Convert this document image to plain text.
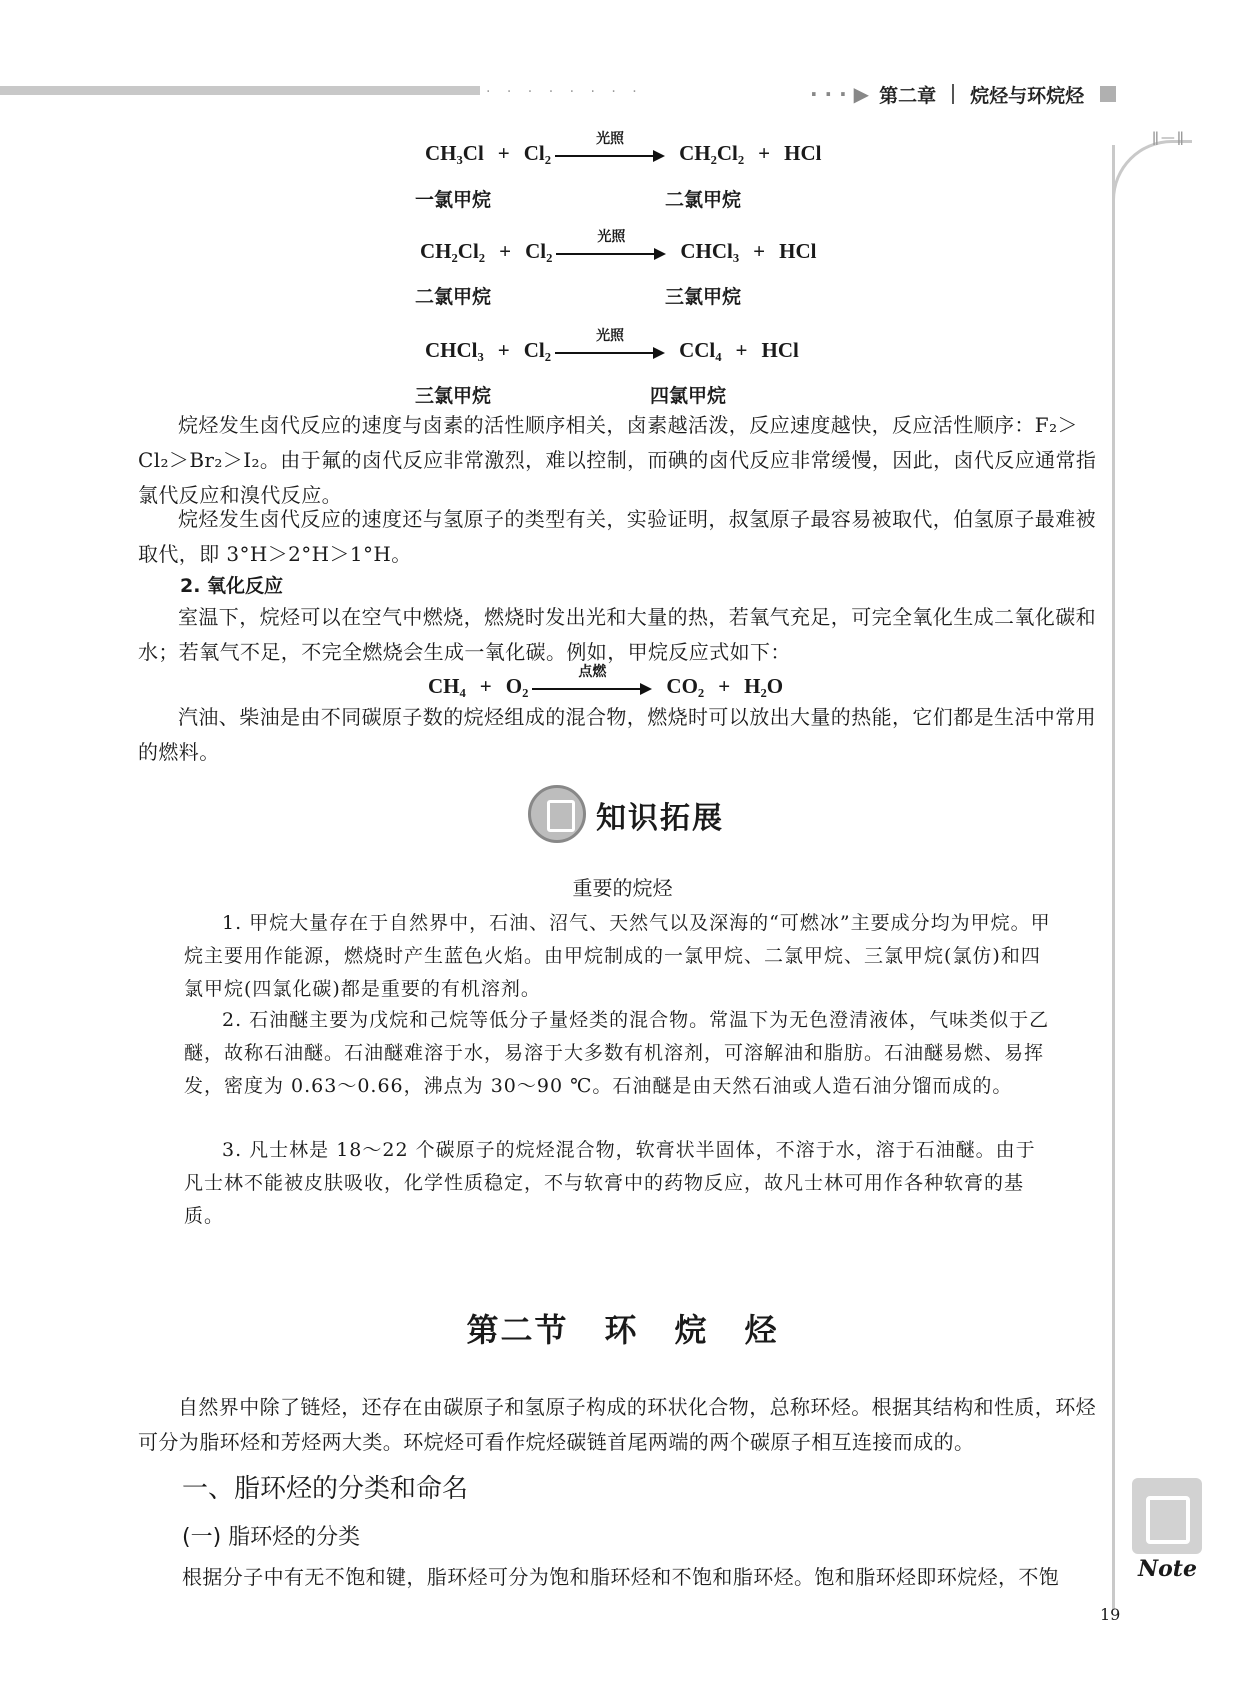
· · · · · · · ·	· · · ▶ 第二章 烷烃与环烷烃
ǁ—ǁ
CH₃Cl + Cl₂
光照
CH₂Cl₂ + HCl
一氯甲烷	二氯甲烷
CH₂Cl₂ + Cl₂
光照
CHCl₃ + HCl
二氯甲烷	三氯甲烷
CHCl₃ + Cl₂
光照
CCl₄ + HCl
三氯甲烷	四氯甲烷
烷烃发生卤代反应的速度与卤素的活性顺序相关，卤素越活泼，反应速度越快，反应活性顺序：F₂＞Cl₂＞Br₂＞I₂。由于氟的卤代反应非常激烈，难以控制，而碘的卤代反应非常缓慢，因此，卤代反应通常指氯代反应和溴代反应。
烷烃发生卤代反应的速度还与氢原子的类型有关，实验证明，叔氢原子最容易被取代，伯氢原子最难被取代，即 3°H＞2°H＞1°H。
2. 氧化反应
室温下，烷烃可以在空气中燃烧，燃烧时发出光和大量的热，若氧气充足，可完全氧化生成二氧化碳和水；若氧气不足，不完全燃烧会生成一氧化碳。例如，甲烷反应式如下：
CH₄ + O₂
点燃
CO₂ + H₂O
汽油、柴油是由不同碳原子数的烷烃组成的混合物，燃烧时可以放出大量的热能，它们都是生活中常用的燃料。
知识拓展
重要的烷烃
1. 甲烷大量存在于自然界中，石油、沼气、天然气以及深海的“可燃冰”主要成分均为甲烷。甲烷主要用作能源，燃烧时产生蓝色火焰。由甲烷制成的一氯甲烷、二氯甲烷、三氯甲烷(氯仿)和四氯甲烷(四氯化碳)都是重要的有机溶剂。
2. 石油醚主要为戊烷和己烷等低分子量烃类的混合物。常温下为无色澄清液体，气味类似于乙醚，故称石油醚。石油醚难溶于水，易溶于大多数有机溶剂，可溶解油和脂肪。石油醚易燃、易挥发，密度为 0.63～0.66，沸点为 30～90 ℃。石油醚是由天然石油或人造石油分馏而成的。
3. 凡士林是 18～22 个碳原子的烷烃混合物，软膏状半固体，不溶于水，溶于石油醚。由于凡士林不能被皮肤吸收，化学性质稳定，不与软膏中的药物反应，故凡士林可用作各种软膏的基质。
第二节 环 烷 烃
自然界中除了链烃，还存在由碳原子和氢原子构成的环状化合物，总称环烃。根据其结构和性质，环烃可分为脂环烃和芳烃两大类。环烷烃可看作烷烃碳链首尾两端的两个碳原子相互连接而成的。
一、脂环烃的分类和命名
(一) 脂环烃的分类
根据分子中有无不饱和键，脂环烃可分为饱和脂环烃和不饱和脂环烃。饱和脂环烃即环烷烃，不饱	Note
19
